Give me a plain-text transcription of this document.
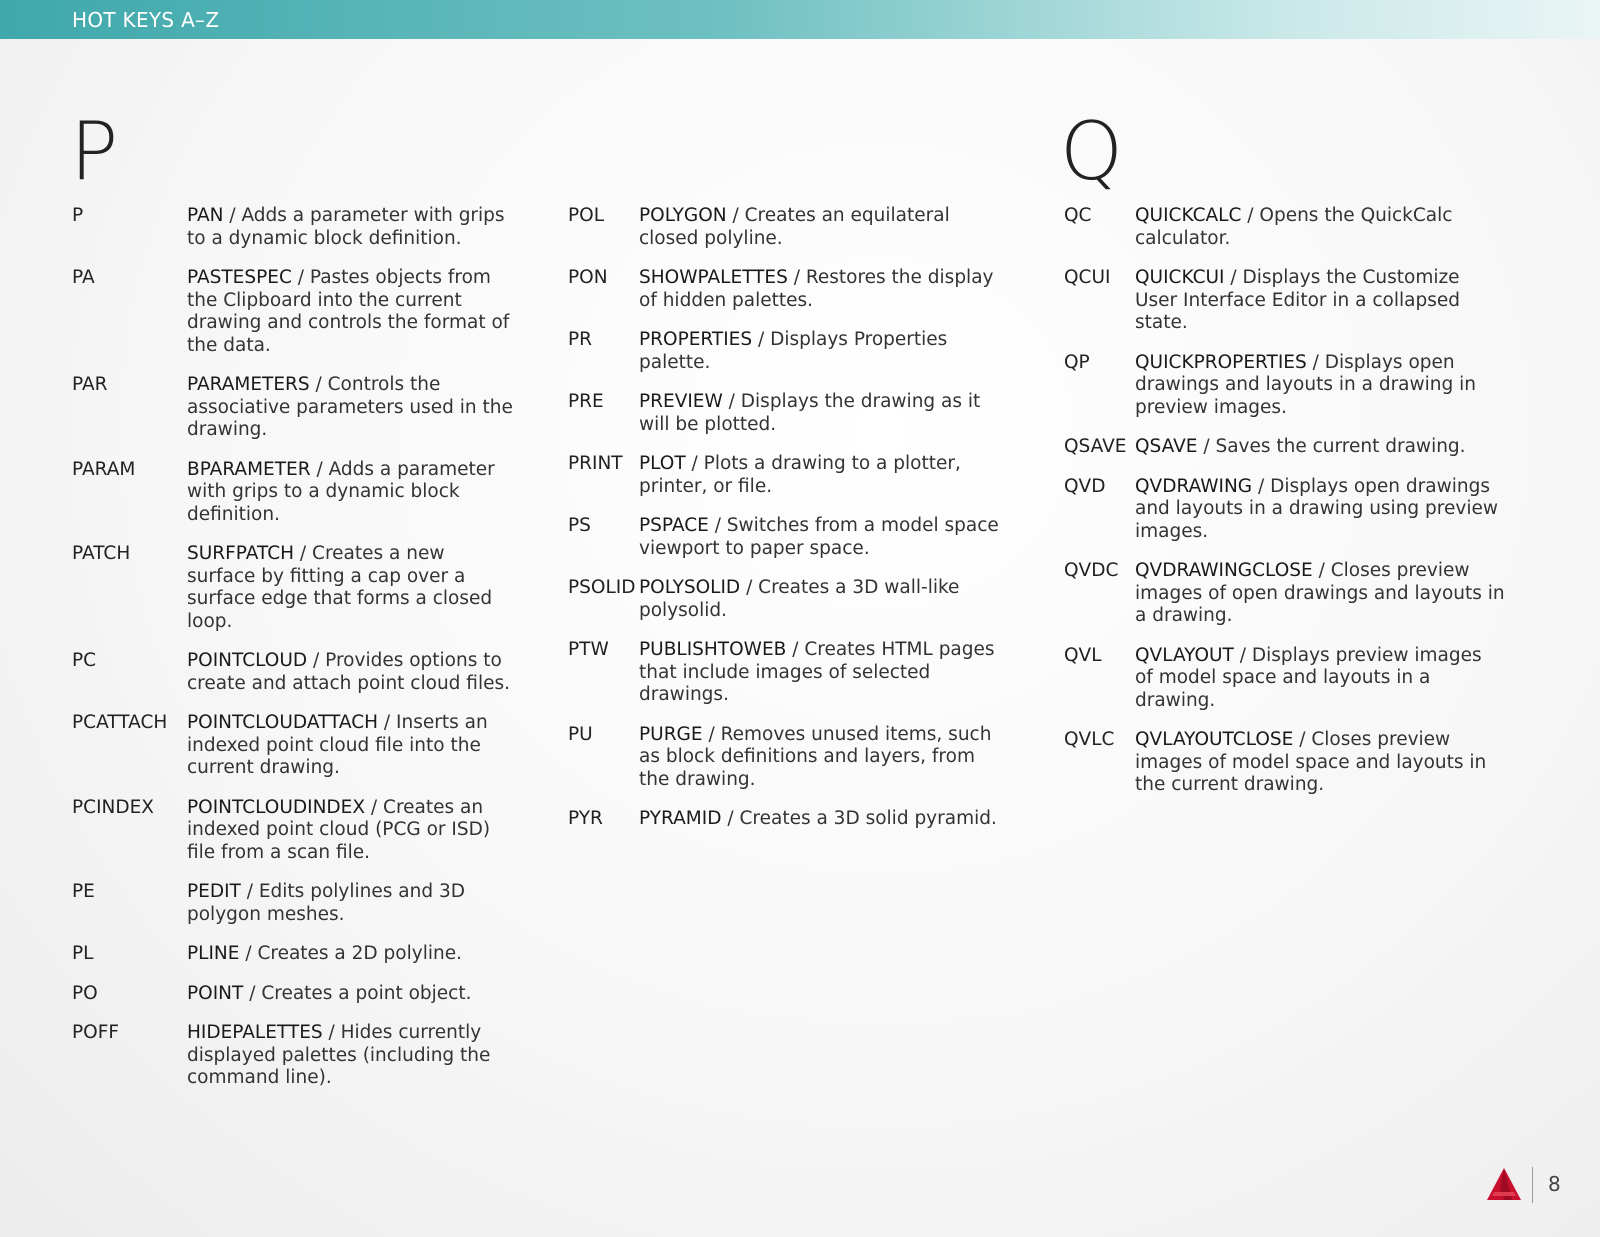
HOT KEYS A–Z
P	Q
P	PAN / Adds a parameter with grips to a dynamic block definition.
PA	PASTESPEC / Pastes objects from the Clipboard into the current drawing and controls the format of the data.
PAR	PARAMETERS / Controls the associative parameters used in the drawing.
PARAM	BPARAMETER / Adds a parameter with grips to a dynamic block definition.
PATCH	SURFPATCH / Creates a new surface by fitting a cap over a surface edge that forms a closed loop.
PC	POINTCLOUD / Provides options to create and attach point cloud files.
PCATTACH	POINTCLOUDATTACH / Inserts an indexed point cloud file into the current drawing.
PCINDEX	POINTCLOUDINDEX / Creates an indexed point cloud (PCG or ISD) file from a scan file.
PE	PEDIT / Edits polylines and 3D polygon meshes.
PL	PLINE / Creates a 2D polyline.
PO	POINT / Creates a point object.
POFF	HIDEPALETTES / Hides currently displayed palettes (including the command line).
POL	POLYGON / Creates an equilateral closed polyline.
PON	SHOWPALETTES / Restores the display of hidden palettes.
PR	PROPERTIES / Displays Properties palette.
PRE	PREVIEW / Displays the drawing as it will be plotted.
PRINT PLOT / Plots a drawing to a plotter, printer, or file.
PS	PSPACE / Switches from a model space viewport to paper space.
PSOLID POLYSOLID / Creates a 3D wall-like polysolid.
PTW	PUBLISHTOWEB / Creates HTML pages that include images of selected drawings.
PU	PURGE / Removes unused items, such as block definitions and layers, from the drawing.
PYR	PYRAMID / Creates a 3D solid pyramid.
QC	QUICKCALC / Opens the QuickCalc calculator.
QCUI	QUICKCUI / Displays the Customize User Interface Editor in a collapsed state.
QP	QUICKPROPERTIES / Displays open drawings and layouts in a drawing in preview images.
QSAVE QSAVE / Saves the current drawing.
QVD	QVDRAWING / Displays open drawings and layouts in a drawing using preview images.
QVDC QVDRAWINGCLOSE / Closes preview images of open drawings and layouts in a drawing.
QVL	QVLAYOUT / Displays preview images of model space and layouts in a drawing.
QVLC	QVLAYOUTCLOSE / Closes preview images of model space and layouts in the current drawing.
8
